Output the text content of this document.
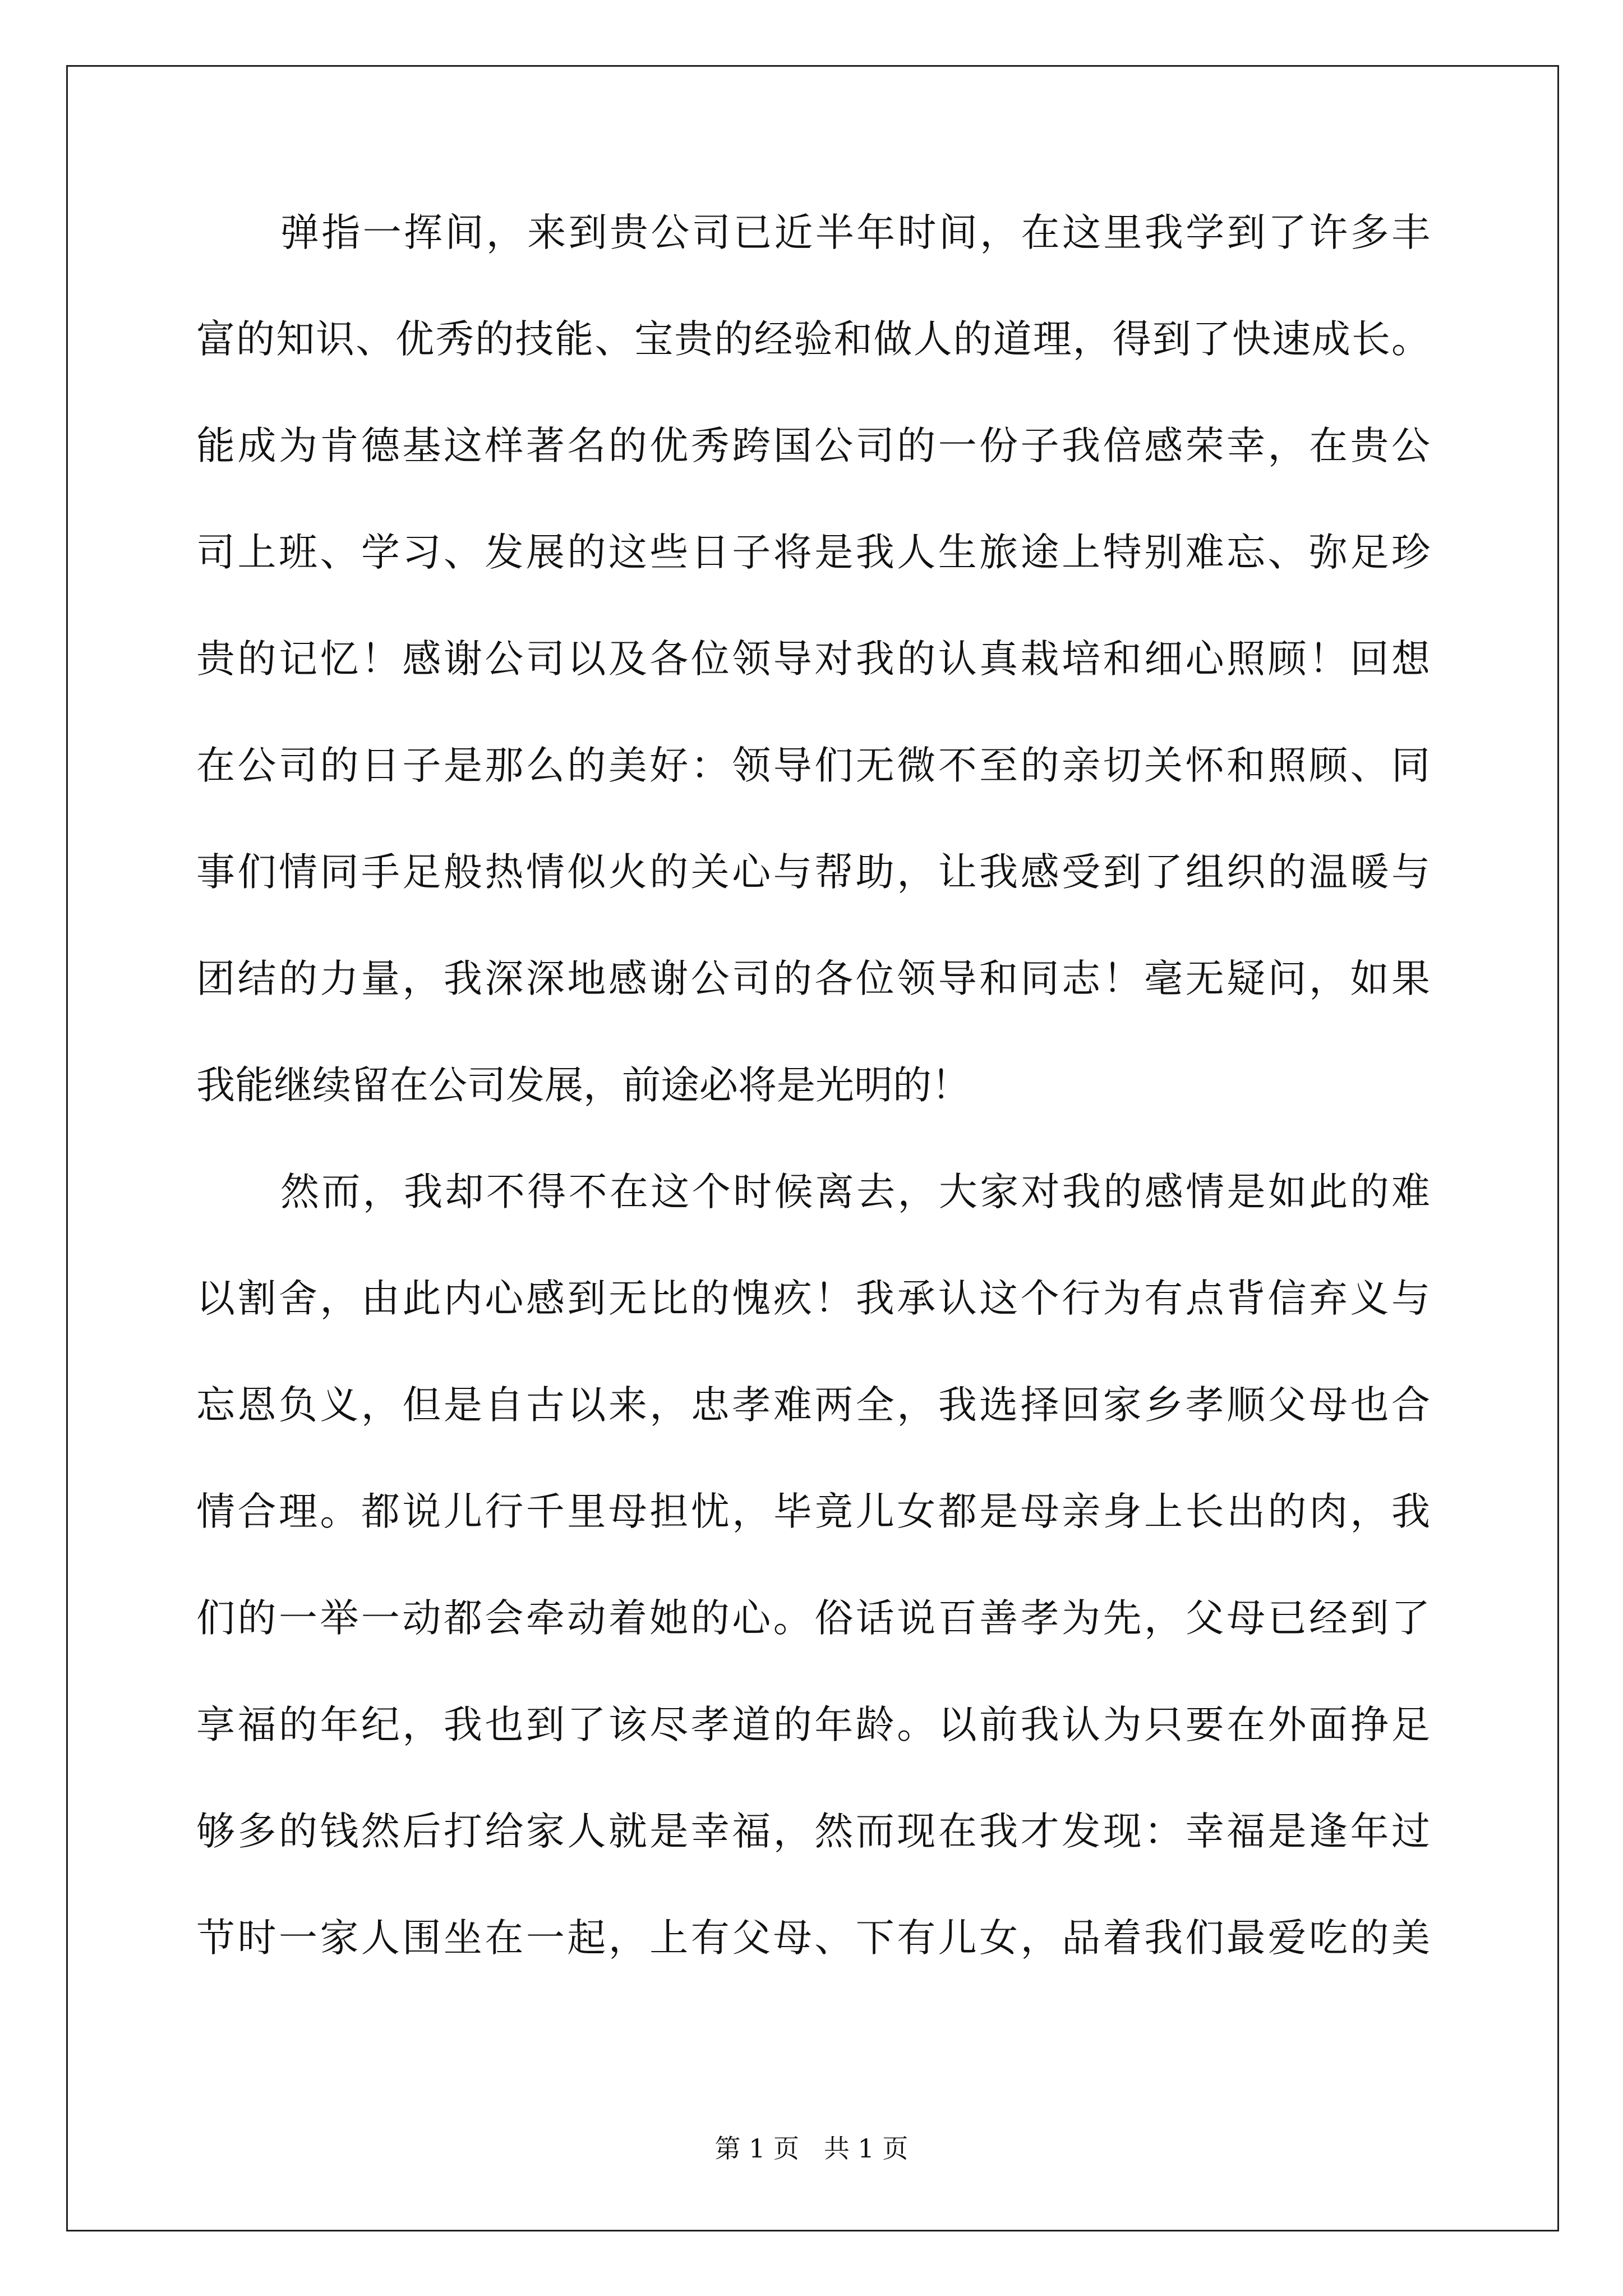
弹指一挥间，来到贵公司已近半年时间，在这里我学到了许多丰
富的知识、优秀的技能、宝贵的经验和做人的道理，得到了快速成长。
能成为肯德基这样著名的优秀跨国公司的一份子我倍感荣幸，在贵公
司上班、学习、发展的这些日子将是我人生旅途上特别难忘、弥足珍
贵的记忆！感谢公司以及各位领导对我的认真栽培和细心照顾！回想
在公司的日子是那么的美好：领导们无微不至的亲切关怀和照顾、同
事们情同手足般热情似火的关心与帮助，让我感受到了组织的温暖与
团结的力量，我深深地感谢公司的各位领导和同志！毫无疑问，如果
我能继续留在公司发展，前途必将是光明的！
然而，我却不得不在这个时候离去，大家对我的感情是如此的难
以割舍，由此内心感到无比的愧疚！我承认这个行为有点背信弃义与
忘恩负义，但是自古以来，忠孝难两全，我选择回家乡孝顺父母也合
情合理。都说儿行千里母担忧，毕竟儿女都是母亲身上长出的肉，我
们的一举一动都会牵动着她的心。俗话说百善孝为先，父母已经到了
享福的年纪，我也到了该尽孝道的年龄。以前我认为只要在外面挣足
够多的钱然后打给家人就是幸福，然而现在我才发现：幸福是逢年过
节时一家人围坐在一起，上有父母、下有儿女，品着我们最爱吃的美
第 1 页   共 1 页
